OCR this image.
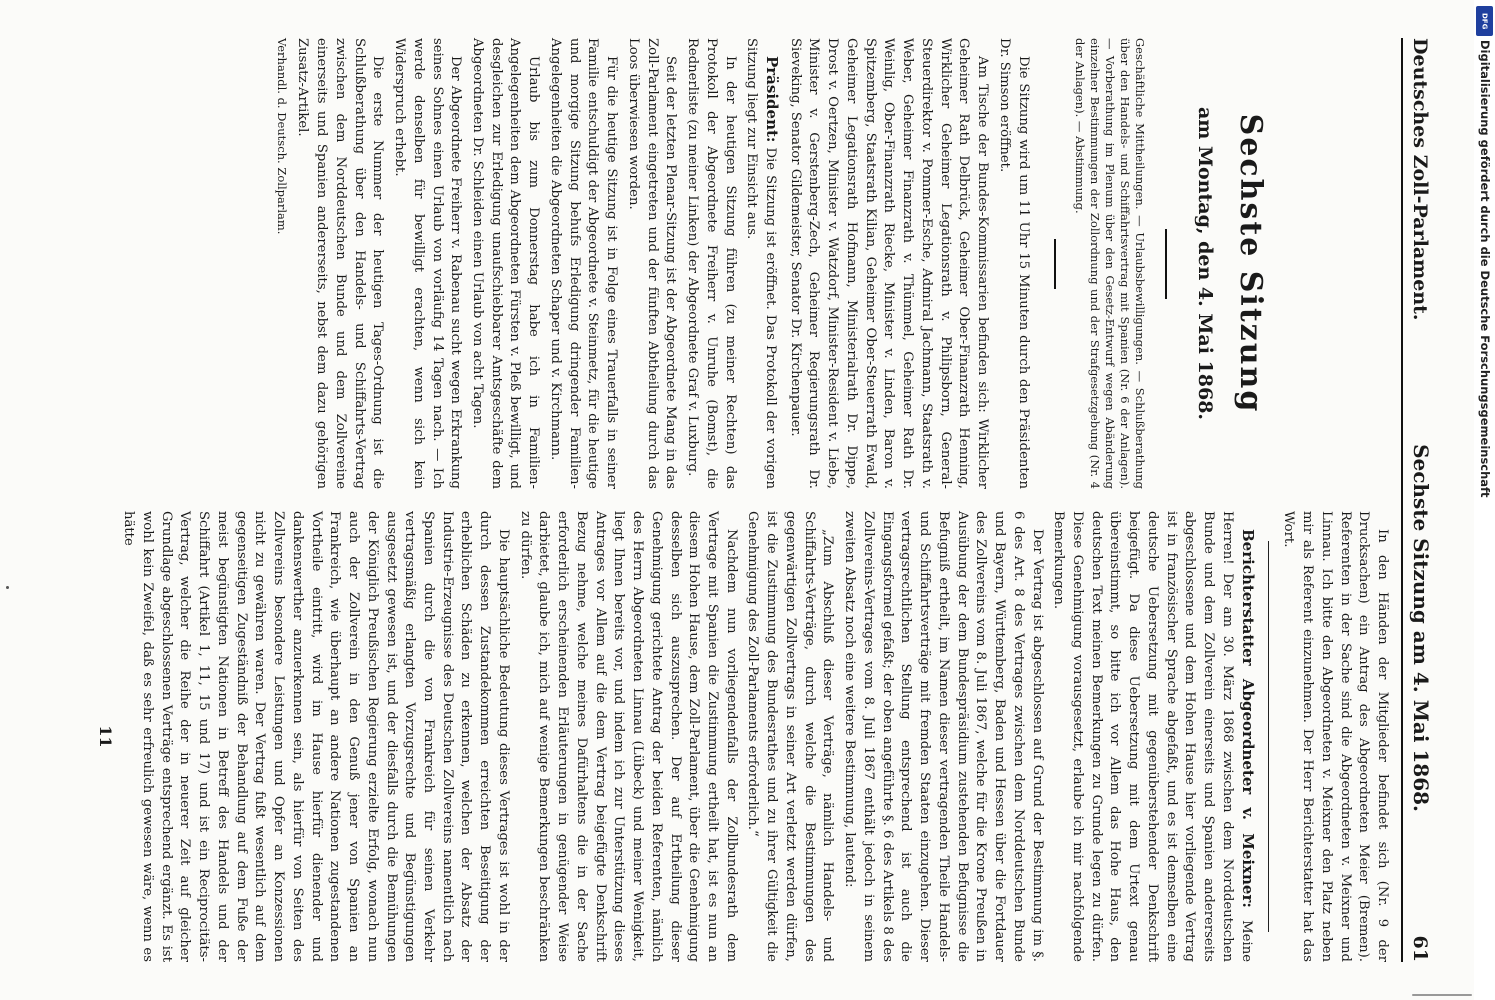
Deutsches Zoll-Parlament.
Sechste Sitzung am 4. Mai 1868.
61
Sechste Sitzung
am Montag, den 4. Mai 1868.

Geschäftliche Mittheilungen. — Urlaubsbewilligungen. — Schlußberathung über den Handels- und Schiffahrtsvertrag mit Spanien (Nr. 6 der Anlagen). — Vorberathung im Plenum über den Gesetz-Entwurf wegen Abänderung einzelner Bestimmungen der Zollordnung und der Strafgesetzgebung (Nr. 4 der Anlagen). — Abstimmung.

Die Sitzung wird um 11 Uhr 15 Minuten durch den Präsidenten Dr. Simson eröffnet.

Am Tische der Bundes-Kommissarien befinden sich: Wirklicher Geheimer Rath Delbrück, Geheimer Ober-Finanzrath Henning, Wirklicher Geheimer Legationsrath v. Philipsborn, General-Steuerdirektor v. Pommer-Esche, Admiral Jachmann, Staatsrath v. Weber, Geheimer Finanzrath v. Thümmel, Geheimer Rath Dr. Weinlig, Ober-Finanzrath Riecke, Minister v. Linden, Baron v. Spitzemberg, Staatsrath Kilian, Geheimer Ober-Steuerrath Ewald, Geheimer Legationsrath Hofmann, Ministerialrath Dr. Dippe, Drost v. Oertzen, Minister v. Watzdorf, Minister-Resident v. Liebe, Minister v. Gerstenberg-Zech, Geheimer Regierungsrath Dr. Sieveking, Senator Gildemeister, Senator Dr. Kirchenpauer.

Präsident: Die Sitzung ist eröffnet. Das Protokoll der vorigen Sitzung liegt zur Einsicht aus.

In der heutigen Sitzung führen (zu meiner Rechten) das Protokoll der Abgeordnete Freiherr v. Unruhe (Bomst), die Rednerliste (zu meiner Linken) der Abgeordnete Graf v. Luxburg.

Seit der letzten Plenar-Sitzung ist der Abgeordnete Mang in das Zoll-Parlament eingetreten und der fünften Abtheilung durch das Loos überwiesen worden.

Für die heutige Sitzung ist in Folge eines Trauerfalls in seiner Familie entschuldigt der Abgeordnete v. Steinmetz, für die heutige und morgige Sitzung behufs Erledigung dringender Familien-Angelegenheiten die Abgeordneten Schaper und v. Kirchmann.

Urlaub bis zum Donnerstag habe ich in Familien-Angelegenheiten dem Abgeordneten Fürsten v. Pleß bewilligt, und desgleichen zur Erledigung unaufschiebbarer Amtsgeschäfte dem Abgeordneten Dr. Schleiden einen Urlaub von acht Tagen.

Der Abgeordnete Freiherr v. Rabenau sucht wegen Erkrankung seines Sohnes einen Urlaub von vorläufig 14 Tagen nach. — Ich werde denselben für bewilligt erachten, wenn sich kein Widerspruch erhebt.

Die erste Nummer der heutigen Tages-Ordnung ist die Schlußberathung über den Handels- und Schiffahrts-Vertrag zwischen dem Norddeutschen Bunde und dem Zollvereine einerseits und Spanien andererseits, nebst dem dazu gehörigen Zusatz-Artikel.

Verhandl. d. Deutsch. Zollparlam.

In den Händen der Mitglieder befindet sich (Nr. 9 der Drucksachen) ein Antrag des Abgeordneten Meier (Bremen). Referenten in der Sache sind die Abgeordneten v. Meixner und Linnau. Ich bitte den Abgeordneten v. Meixner den Platz neben mir als Referent einzunehmen. Der Herr Berichterstatter hat das Wort.

Berichterstatter Abgeordneter v. Meixner: Meine Herren! Der am 30. März 1868 zwischen dem Norddeutschen Bunde und dem Zollverein einerseits und Spanien andererseits abgeschlossene und dem Hohen Hause hier vorliegende Vertrag ist in französischer Sprache abgefaßt, und es ist demselben eine deutsche Uebersetzung mit gegenüberstehender Denkschrift beigefügt. Da diese Uebersetzung mit dem Urtext genau übereinstimmt, so bitte ich vor Allem das Hohe Haus, den deutschen Text meinen Bemerkungen zu Grunde legen zu dürfen. Diese Genehmigung vorausgesetzt, erlaube ich mir nachfolgende Bemerkungen.

Der Vertrag ist abgeschlossen auf Grund der Bestimmung im §. 6 des Art. 8 des Vertrages zwischen dem Norddeutschen Bunde und Bayern, Württemberg, Baden und Hessen über die Fortdauer des Zollvereins vom 8. Juli 1867, welche für die Krone Preußen in Ausübung der dem Bundespräsidium zustehenden Befugnisse die Befugniß ertheilt, im Namen dieser vertragenden Theile Handels- und Schiffahrtsverträge mit fremden Staaten einzugehen. Dieser vertragsrechtlichen Stellung entsprechend ist auch die Eingangsformel gefaßt; der oben angeführte §. 6 des Artikels 8 des Zollvereins-Vertrages vom 8. Juli 1867 enthält jedoch in seinem zweiten Absatz noch eine weitere Bestimmung, lautend:

„Zum Abschluß dieser Verträge, nämlich Handels- und Schiffahrts-Verträge, durch welche die Bestimmungen des gegenwärtigen Zollvertrags in seiner Art verletzt werden dürfen, ist die Zustimmung des Bundesrathes und zu ihrer Gültigkeit die Genehmigung des Zoll-Parlaments erforderlich.“

Nachdem nun vorliegendenfalls der Zollbundesrath dem Vertrage mit Spanien die Zustimmung ertheilt hat, ist es nun an diesem Hohen Hause, dem Zoll-Parlament, über die Genehmigung desselben sich auszusprechen. Der auf Ertheilung dieser Genehmigung gerichtete Antrag der beiden Referenten, nämlich des Herrn Abgeordneten Linnau (Lübeck) und meiner Wenigkeit, liegt Ihnen bereits vor, und indem ich zur Unterstützung dieses Antrages vor Allem auf die dem Vertrag beigefügte Denkschrift Bezug nehme, welche meines Dafürhaltens die in der Sache erforderlich erscheinenden Erläuterungen in genügender Weise darbietet, glaube ich, mich auf wenige Bemerkungen beschränken zu dürfen.

Die hauptsächliche Bedeutung dieses Vertrages ist wohl in der durch dessen Zustandekommen erreichten Beseitigung der erheblichen Schäden zu erkennen, welchen der Absatz der Industrie-Erzeugnisse des Deutschen Zollvereins namentlich nach Spanien durch die von Frankreich für seinen Verkehr vertragsmäßig erlangten Vorzugsrechte und Begünstigungen ausgesetzt gewesen ist, und der diesfalls durch die Bemühungen der Königlich Preußischen Regierung erzielte Erfolg, wonach nun auch der Zollverein in den Genuß jener von Spanien an Frankreich, wie überhaupt an andere Nationen zugestandenen Vortheile eintritt, wird im Hause hierfür dienender und dankenswerther anzuerkennen sein, als hierfür von Seiten des Zollvereins besondere Leistungen und Opfer an Konzessionen nicht zu gewähren waren. Der Vertrag fußt wesentlich auf dem gegenseitigen Zugeständniß der Behandlung auf dem Fuße der meist begünstigten Nationen in Betreff des Handels und der Schiffahrt (Artikel 1, 11, 15 und 17) und ist ein Reciprocitäts-Vertrag, welcher die Reihe der in neuerer Zeit auf gleicher Grundlage abgeschlossenen Verträge entsprechend ergänzt. Es ist wohl kein Zweifel, daß es sehr erfreulich gewesen wäre, wenn es hätte

11
DFG
Digitalisierung gefördert durch die Deutsche Forschungsgemeinschaft
